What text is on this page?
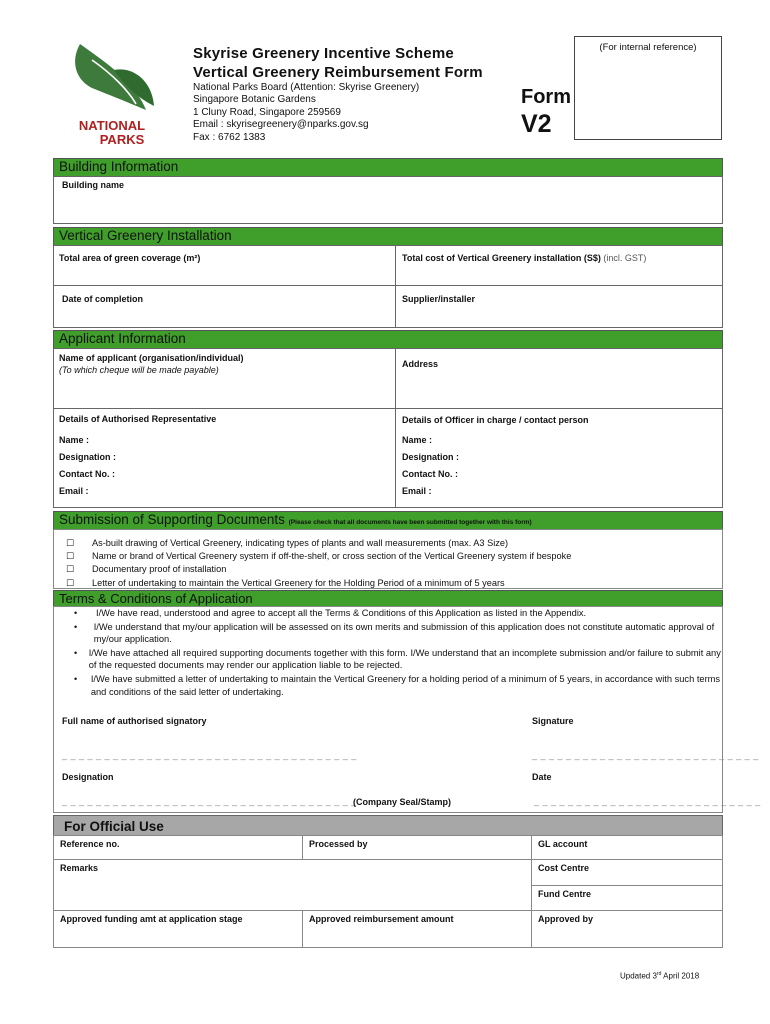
NATIONAL
PARKS
Skyrise Greenery Incentive Scheme
Vertical Greenery Reimbursement Form
National Parks Board (Attention: Skyrise Greenery)
Singapore Botanic Gardens
1 Cluny Road, Singapore 259569
Email : skyrisegreenery@nparks.gov.sg
Fax : 6762 1383
Form
V2
(For internal reference)
Building Information
Building name
Vertical Greenery Installation
Total area of green coverage (m²)	Total cost of Vertical Greenery installation (S$) (incl. GST)
Date of completion	Supplier/installer
Applicant Information
Name of applicant (organisation/individual)
(To which cheque will be made payable)
Address
Details of Authorised Representative
Name :
Designation :
Contact No. :
Email :
Details of Officer in charge / contact person
Name :
Designation :
Contact No. :
Email :
Submission of Supporting Documents (Please check that all documents have been submitted together with this form)
☐	As-built drawing of Vertical Greenery, indicating types of plants and wall measurements (max. A3 Size)
☐	Name or brand of Vertical Greenery system if off-the-shelf, or cross section of the Vertical Greenery system if bespoke
☐	Documentary proof of installation
☐	Letter of undertaking to maintain the Vertical Greenery for the Holding Period of a minimum of 5 years
Terms & Conditions of Application
•	I/We have read, understood and agree to accept all the Terms & Conditions of this Application as listed in the Appendix.
•	I/We understand that my/our application will be assessed on its own merits and submission of this application does not constitute automatic approval of my/our application.
•	I/We have attached all required supporting documents together with this form. I/We understand that an incomplete submission and/or failure to submit any of the requested documents may render our application liable to be rejected.
•	I/We have submitted a letter of undertaking to maintain the Vertical Greenery for a holding period of a minimum of 5 years, in accordance with such terms and conditions of the said letter of undertaking.
Full name of authorised signatory	Signature
_ _ _ _ _ _ _ _ _ _ _ _ _ _ _ _ _ _ _ _ _ _ _ _ _ _ _ _ _ _ _ _ _ _ _	_ _ _ _ _ _ _ _ _ _ _ _ _ _ _ _ _ _ _ _ _ _ _ _ _ _ _
Designation	Date
_ _ _ _ _ _ _ _ _ _ _ _ _ _ _ _ _ _ _ _ _ _ _ _ _ _ _ _ _ _ _ _ _ _ _
(Company Seal/Stamp)	_ _ _ _ _ _ _ _ _ _ _ _ _ _ _ _ _ _ _ _ _ _ _ _ _ _ _
For Official Use
Reference no.	Processed by	GL account
Remarks	Cost Centre
Fund Centre
Approved funding amt at application stage	Approved reimbursement amount	Approved by
Updated 3rd April 2018
